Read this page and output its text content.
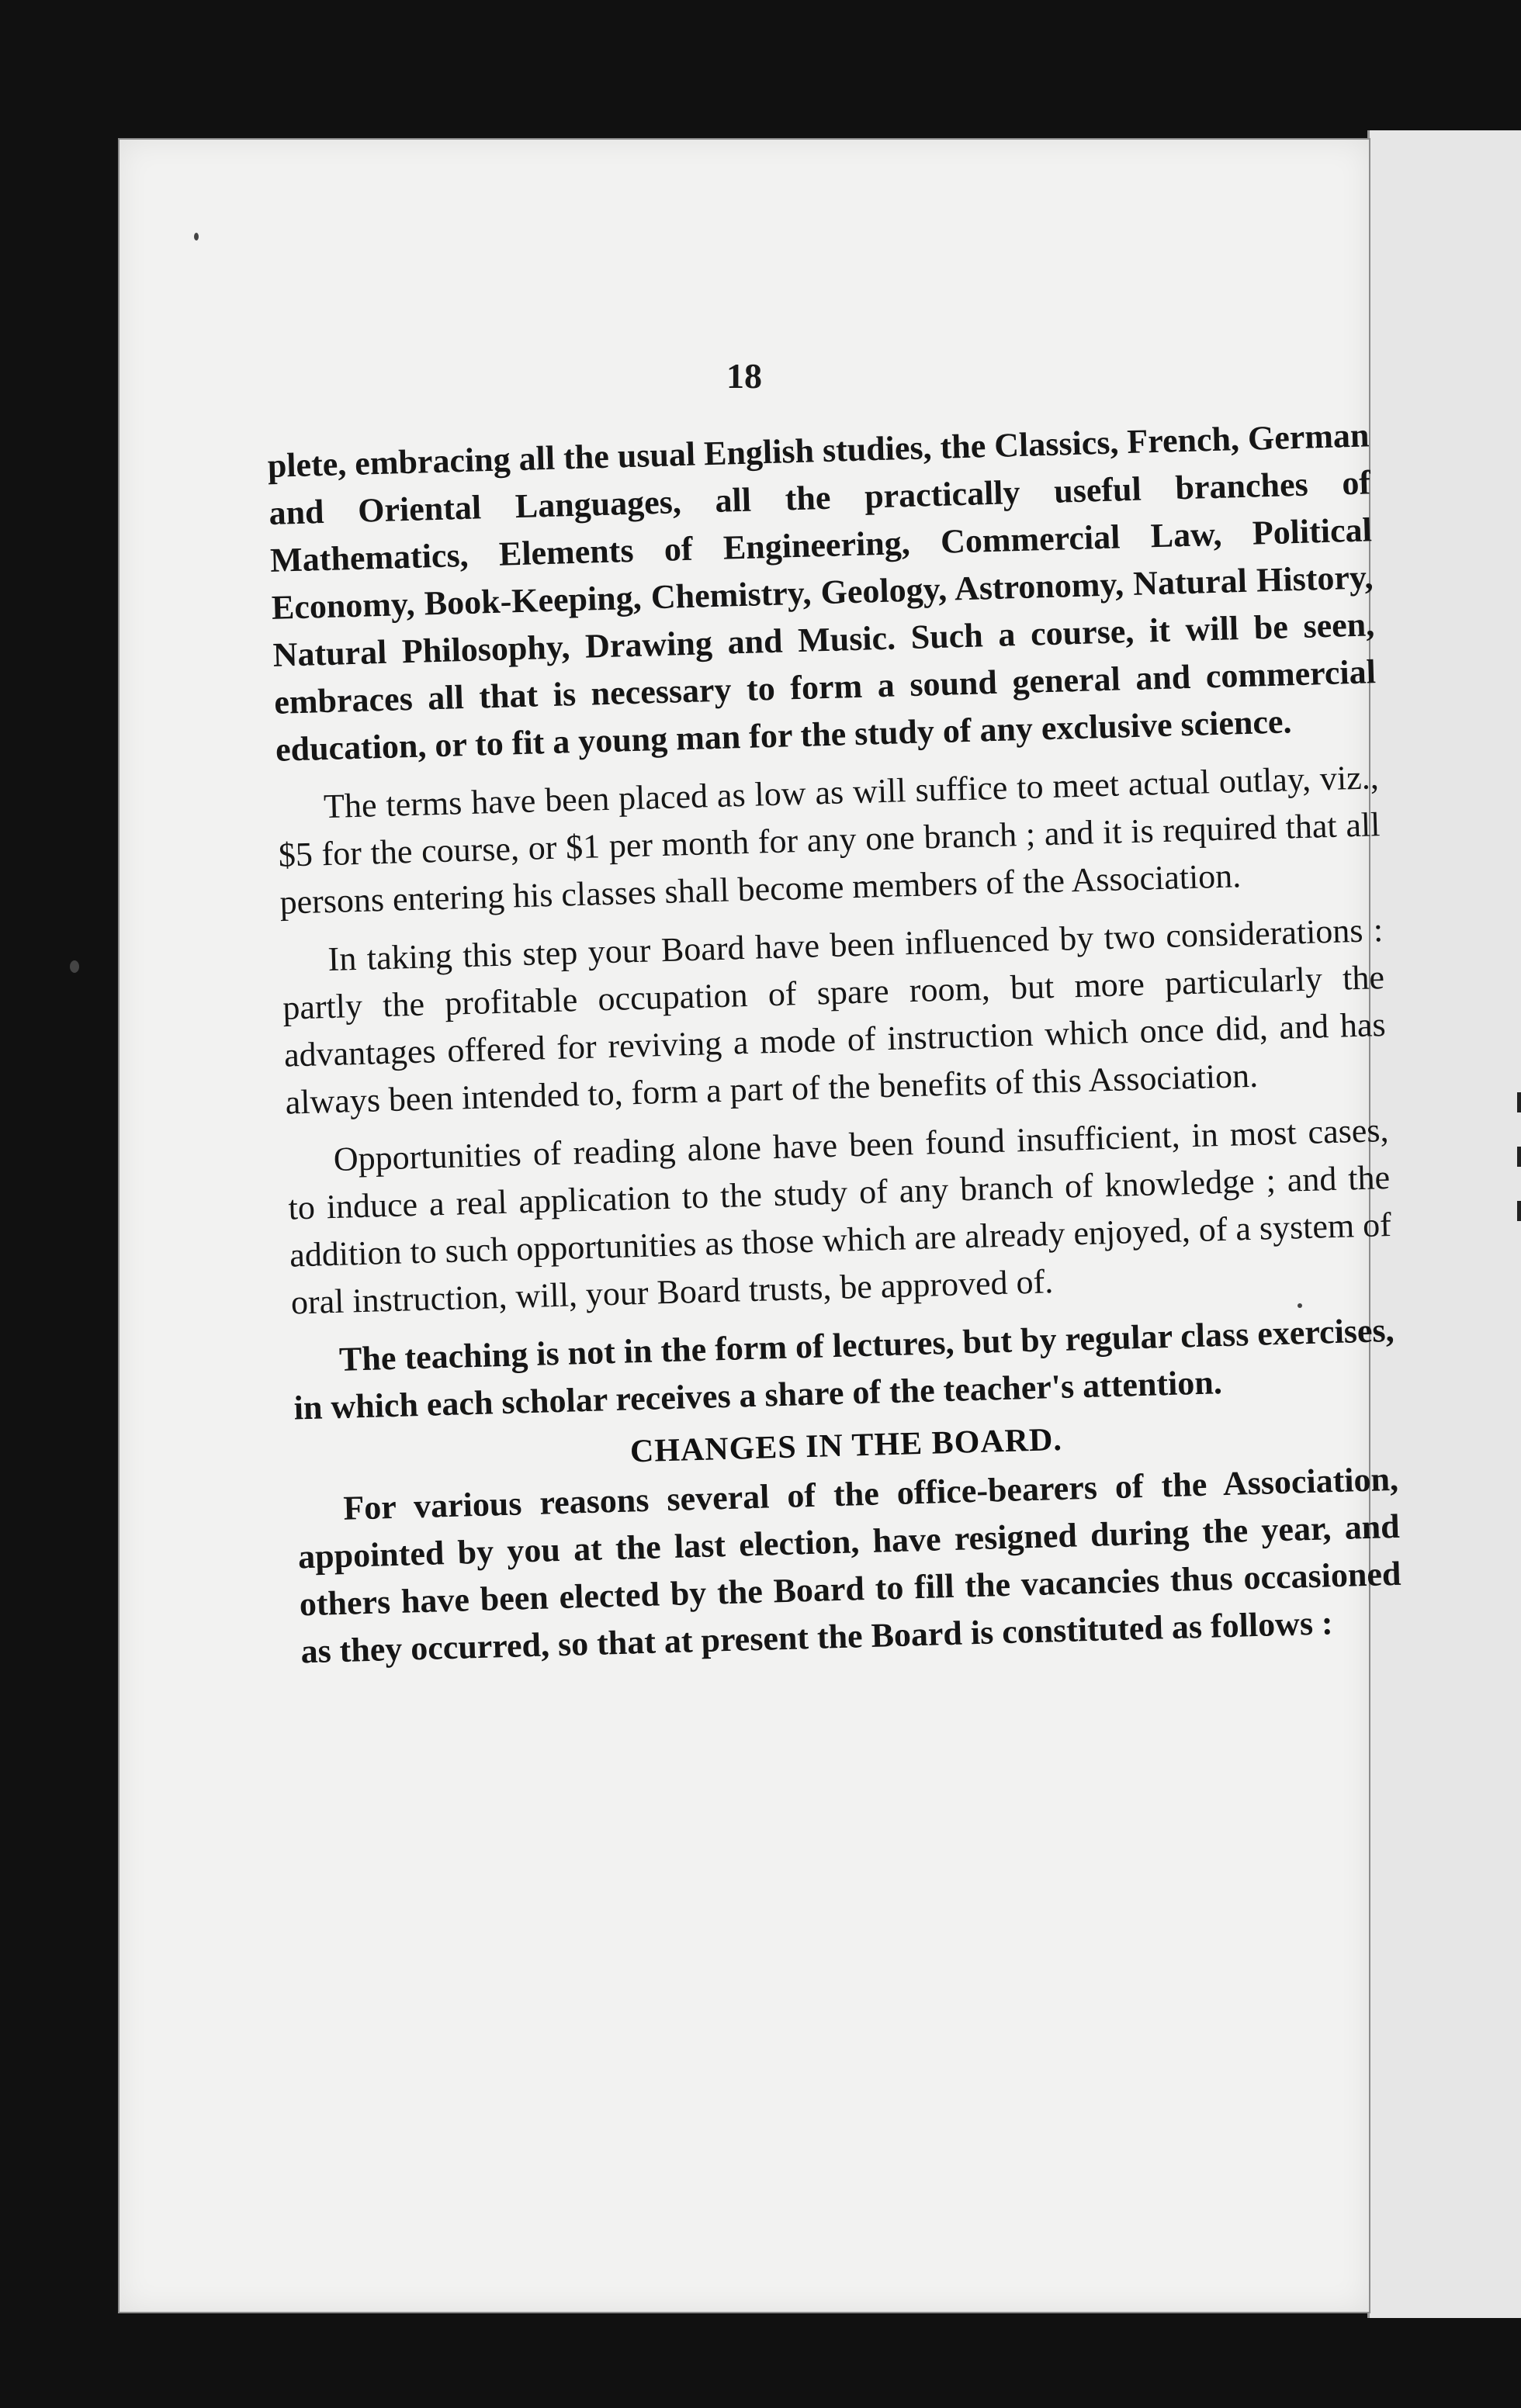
18

plete, embracing all the usual English studies, the Classics, French, German and Oriental Languages, all the practically useful branches of Mathematics, Elements of Engineering, Commercial Law, Political Economy, Book-Keeping, Chemistry, Geology, Astronomy, Natural History, Natural Philosophy, Drawing and Music. Such a course, it will be seen, embraces all that is necessary to form a sound general and commercial education, or to fit a young man for the study of any exclusive science.

The terms have been placed as low as will suffice to meet actual outlay, viz., $5 for the course, or $1 per month for any one branch ; and it is required that all persons entering his classes shall become members of the Association.

In taking this step your Board have been influenced by two considerations : partly the profitable occupation of spare room, but more particularly the advantages offered for reviving a mode of instruction which once did, and has always been intended to, form a part of the benefits of this Association.

Opportunities of reading alone have been found insufficient, in most cases, to induce a real application to the study of any branch of knowledge ; and the addition to such opportunities as those which are already enjoyed, of a system of oral instruction, will, your Board trusts, be approved of.

The teaching is not in the form of lectures, but by regular class exercises, in which each scholar receives a share of the teacher's attention.

CHANGES IN THE BOARD.

For various reasons several of the office-bearers of the Association, appointed by you at the last election, have resigned during the year, and others have been elected by the Board to fill the vacancies thus occasioned as they occurred, so that at present the Board is constituted as follows :
